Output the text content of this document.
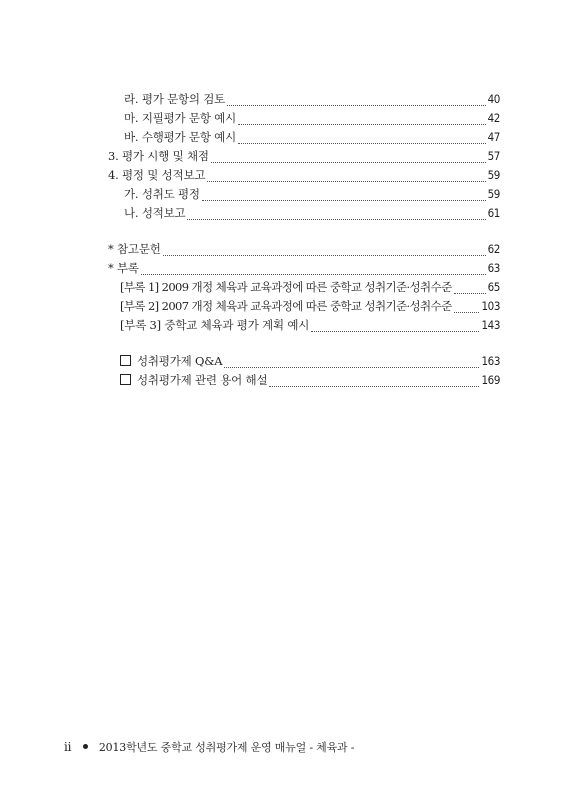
라. 평가 문항의 검토	40
마. 지필평가 문항 예시	42
바. 수행평가 문항 예시	47
3. 평가 시행 및 채점	57
4. 평정 및 성적보고	59
가. 성취도 평정	59
나. 성적보고	61
* 참고문헌	62
* 부록	63
[부록 1] 2009 개정 체육과 교육과정에 따른 중학교 성취기준·성취수준	65
[부록 2] 2007 개정 체육과 교육과정에 따른 중학교 성취기준·성취수준	103
[부록 3] 중학교 체육과 평가 계획 예시	143
성취평가제 Q&A	163
성취평가제 관련 용어 해설	169
ii	2013학년도 중학교 성취평가제 운영 매뉴얼 - 체육과 -
